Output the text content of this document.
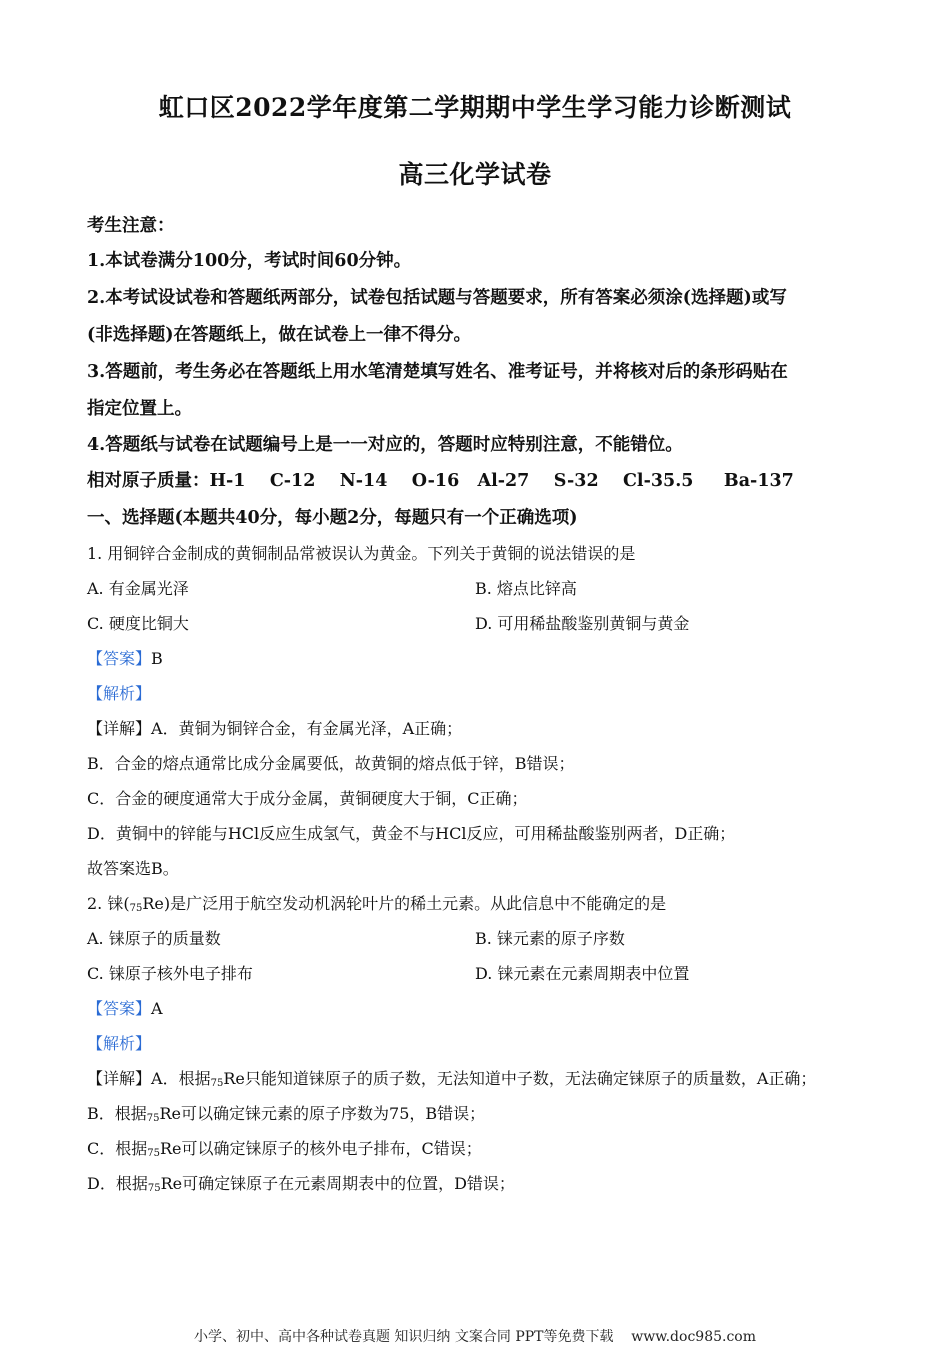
虹口区2022学年度第二学期期中学生学习能力诊断测试
高三化学试卷
考生注意：
1.本试卷满分100分，考试时间60分钟。
2.本考试设试卷和答题纸两部分，试卷包括试题与答题要求，所有答案必须涂(选择题)或写
(非选择题)在答题纸上，做在试卷上一律不得分。
3.答题前，考生务必在答题纸上用水笔清楚填写姓名、准考证号，并将核对后的条形码贴在
指定位置上。
4.答题纸与试卷在试题编号上是一一对应的，答题时应特别注意，不能错位。
相对原子质量：H-1    C-12    N-14    O-16   Al-27    S-32    Cl-35.5     Ba-137
一、选择题(本题共40分，每小题2分，每题只有一个正确选项)
1. 用铜锌合金制成的黄铜制品常被误认为黄金。下列关于黄铜的说法错误的是
A. 有金属光泽	B. 熔点比锌高
C. 硬度比铜大	D. 可用稀盐酸鉴别黄铜与黄金
【答案】B
【解析】
【详解】A．黄铜为铜锌合金，有金属光泽，A正确；
B．合金的熔点通常比成分金属要低，故黄铜的熔点低于锌，B错误；
C．合金的硬度通常大于成分金属，黄铜硬度大于铜，C正确；
D．黄铜中的锌能与HCl反应生成氢气，黄金不与HCl反应，可用稀盐酸鉴别两者，D正确；
故答案选B。
2. 铼$(_{75}Re)$是广泛用于航空发动机涡轮叶片的稀土元素。从此信息中不能确定的是
A. 铼原子的质量数	B. 铼元素的原子序数
C. 铼原子核外电子排布	D. 铼元素在元素周期表中位置
【答案】A
【解析】
【详解】A．根据$_{75}$Re只能知道铼原子的质子数，无法知道中子数，无法确定铼原子的质量数，A正确；
B．根据$_{75}$Re可以确定铼元素的原子序数为75，B错误；
C．根据$_{75}$Re可以确定铼原子的核外电子排布，C错误；
D．根据$_{75}$Re可确定铼原子在元素周期表中的位置，D错误；
小学、初中、高中各种试卷真题 知识归纳 文案合同 PPT等免费下载    www.doc985.com
